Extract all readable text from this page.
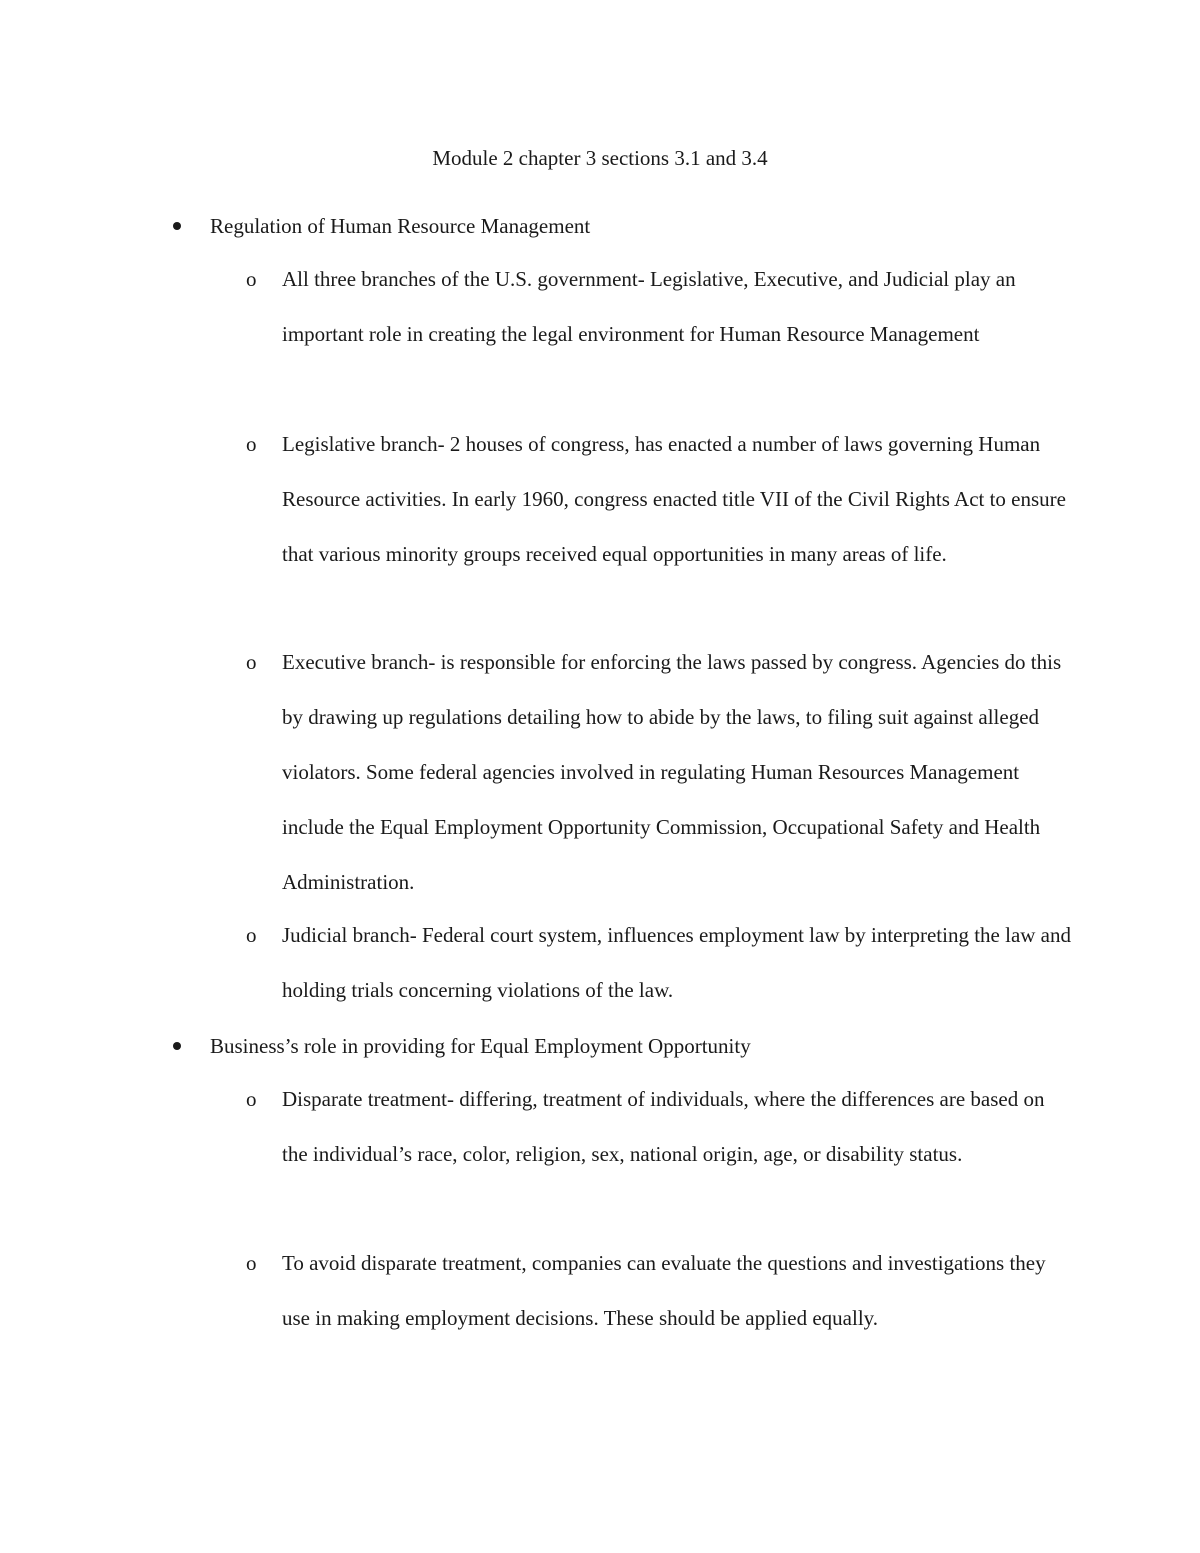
Module 2 chapter 3 sections 3.1 and 3.4
Regulation of Human Resource Management
o All three branches of the U.S. government- Legislative, Executive, and Judicial play an important role in creating the legal environment for Human Resource Management
o Legislative branch- 2 houses of congress, has enacted a number of laws governing Human Resource activities. In early 1960, congress enacted title VII of the Civil Rights Act to ensure that various minority groups received equal opportunities in many areas of life.
o Executive branch- is responsible for enforcing the laws passed by congress. Agencies do this by drawing up regulations detailing how to abide by the laws, to filing suit against alleged violators. Some federal agencies involved in regulating Human Resources Management include the Equal Employment Opportunity Commission, Occupational Safety and Health Administration.
o Judicial branch- Federal court system, influences employment law by interpreting the law and holding trials concerning violations of the law.
Business’s role in providing for Equal Employment Opportunity
o Disparate treatment- differing, treatment of individuals, where the differences are based on the individual’s race, color, religion, sex, national origin, age, or disability status.
o To avoid disparate treatment, companies can evaluate the questions and investigations they use in making employment decisions. These should be applied equally.
